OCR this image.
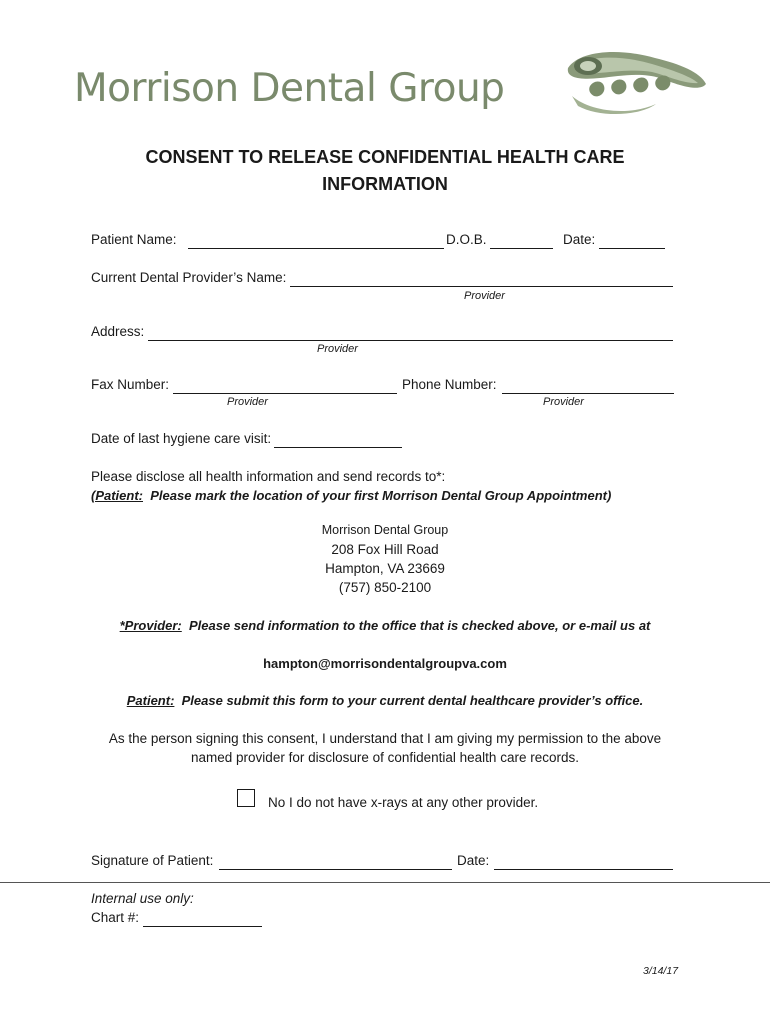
Morrison Dental Group
CONSENT TO RELEASE CONFIDENTIAL HEALTH CARE
INFORMATION
Patient Name:	D.O.B.	Date:
Current Dental Provider’s Name:
Provider
Address:
Provider
Fax Number:
Provider
Phone Number:
Provider
Date of last hygiene care visit:
Please disclose all health information and send records to*:
(Patient:  Please mark the location of your first Morrison Dental Group Appointment)
Morrison Dental Group
208 Fox Hill Road
Hampton, VA 23669
(757) 850-2100
*Provider:  Please send information to the office that is checked above, or e-mail us at
hampton@morrisondentalgroupva.com
Patient:  Please submit this form to your current dental healthcare provider’s office.
As the person signing this consent, I understand that I am giving my permission to the above
named provider for disclosure of confidential health care records.
No I do not have x-rays at any other provider.
Signature of Patient:	Date:
Internal use only:
Chart #:
3/14/17
